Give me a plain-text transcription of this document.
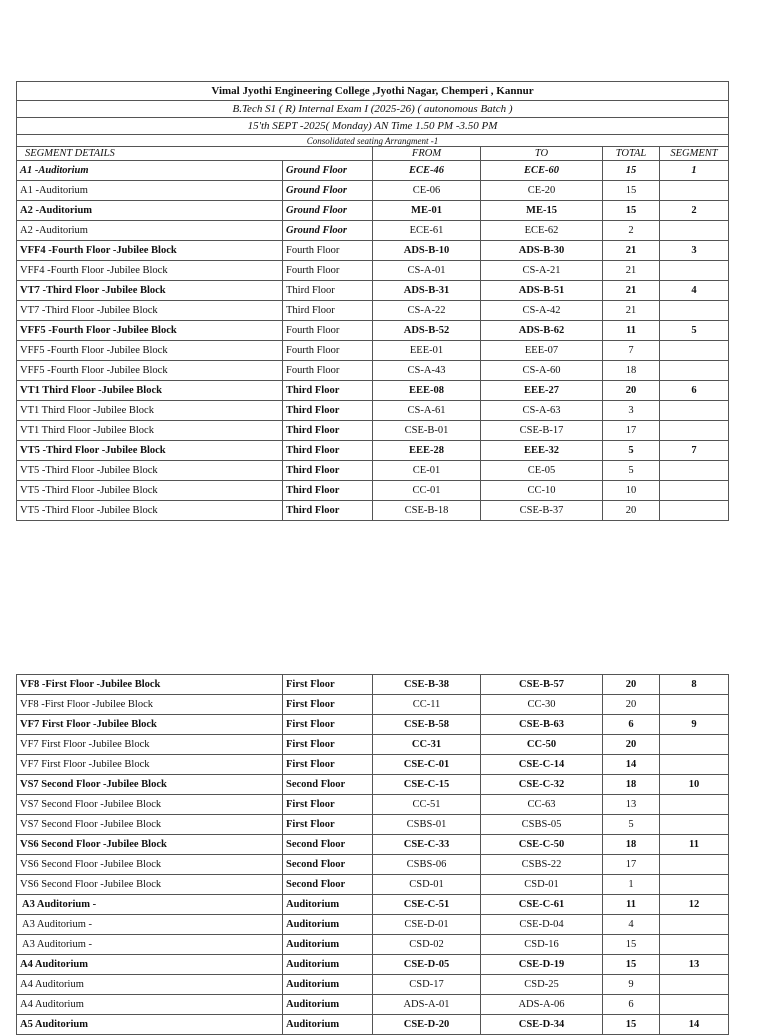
Vimal Jyothi Engineering College ,Jyothi Nagar, Chemperi , Kannur					
B.Tech S1 ( R) Internal Exam I (2025-26) ( autonomous Batch )					
15'th SEPT -2025( Monday) AN Time 1.50 PM -3.50 PM					
Consolidated seating Arrangment -1					
SEGMENT DETAILS		FROM	TO	TOTAL	SEGMENT
A1 -Auditorium	Ground Floor	ECE-46	ECE-60	15	1
A1 -Auditorium	Ground Floor	CE-06	CE-20	15	
A2 -Auditorium	Ground Floor	ME-01	ME-15	15	2
A2 -Auditorium	Ground Floor	ECE-61	ECE-62	2	
VFF4 -Fourth Floor -Jubilee Block	Fourth Floor	ADS-B-10	ADS-B-30	21	3
VFF4 -Fourth Floor -Jubilee Block	Fourth Floor	CS-A-01	CS-A-21	21	
VT7 -Third Floor -Jubilee Block	Third Floor	ADS-B-31	ADS-B-51	21	4
VT7 -Third Floor -Jubilee Block	Third Floor	CS-A-22	CS-A-42	21	
VFF5 -Fourth Floor -Jubilee Block	Fourth Floor	ADS-B-52	ADS-B-62	11	5
VFF5 -Fourth Floor -Jubilee Block	Fourth Floor	EEE-01	EEE-07	7	
VFF5 -Fourth Floor -Jubilee Block	Fourth Floor	CS-A-43	CS-A-60	18	
VT1 Third Floor -Jubilee Block	Third Floor	EEE-08	EEE-27	20	6
VT1 Third Floor -Jubilee Block	Third Floor	CS-A-61	CS-A-63	3	
VT1 Third Floor -Jubilee Block	Third Floor	CSE-B-01	CSE-B-17	17	
VT5 -Third Floor -Jubilee Block	Third Floor	EEE-28	EEE-32	5	7
VT5 -Third Floor -Jubilee Block	Third Floor	CE-01	CE-05	5	
VT5 -Third Floor -Jubilee Block	Third Floor	CC-01	CC-10	10	
VT5 -Third Floor -Jubilee Block	Third Floor	CSE-B-18	CSE-B-37	20	
VF8 -First Floor -Jubilee Block	First Floor	CSE-B-38	CSE-B-57	20	8
VF8 -First Floor -Jubilee Block	First Floor	CC-11	CC-30	20	
VF7 First Floor -Jubilee Block	First Floor	CSE-B-58	CSE-B-63	6	9
VF7 First Floor -Jubilee Block	First Floor	CC-31	CC-50	20	
VF7 First Floor -Jubilee Block	First Floor	CSE-C-01	CSE-C-14	14	
VS7 Second Floor -Jubilee Block	Second Floor	CSE-C-15	CSE-C-32	18	10
VS7 Second Floor -Jubilee Block	First Floor	CC-51	CC-63	13	
VS7 Second Floor -Jubilee Block	First Floor	CSBS-01	CSBS-05	5	
VS6 Second Floor -Jubilee Block	Second Floor	CSE-C-33	CSE-C-50	18	11
VS6 Second Floor -Jubilee Block	Second Floor	CSBS-06	CSBS-22	17	
VS6 Second Floor -Jubilee Block	Second Floor	CSD-01	CSD-01	1	
A3 Auditorium -	Auditorium	CSE-C-51	CSE-C-61	11	12
A3 Auditorium -	Auditorium	CSE-D-01	CSE-D-04	4	
A3 Auditorium -	Auditorium	CSD-02	CSD-16	15	
A4 Auditorium	Auditorium	CSE-D-05	CSE-D-19	15	13
A4 Auditorium	Auditorium	CSD-17	CSD-25	9	
A4 Auditorium	Auditorium	ADS-A-01	ADS-A-06	6	
A5 Auditorium	Auditorium	CSE-D-20	CSE-D-34	15	14
